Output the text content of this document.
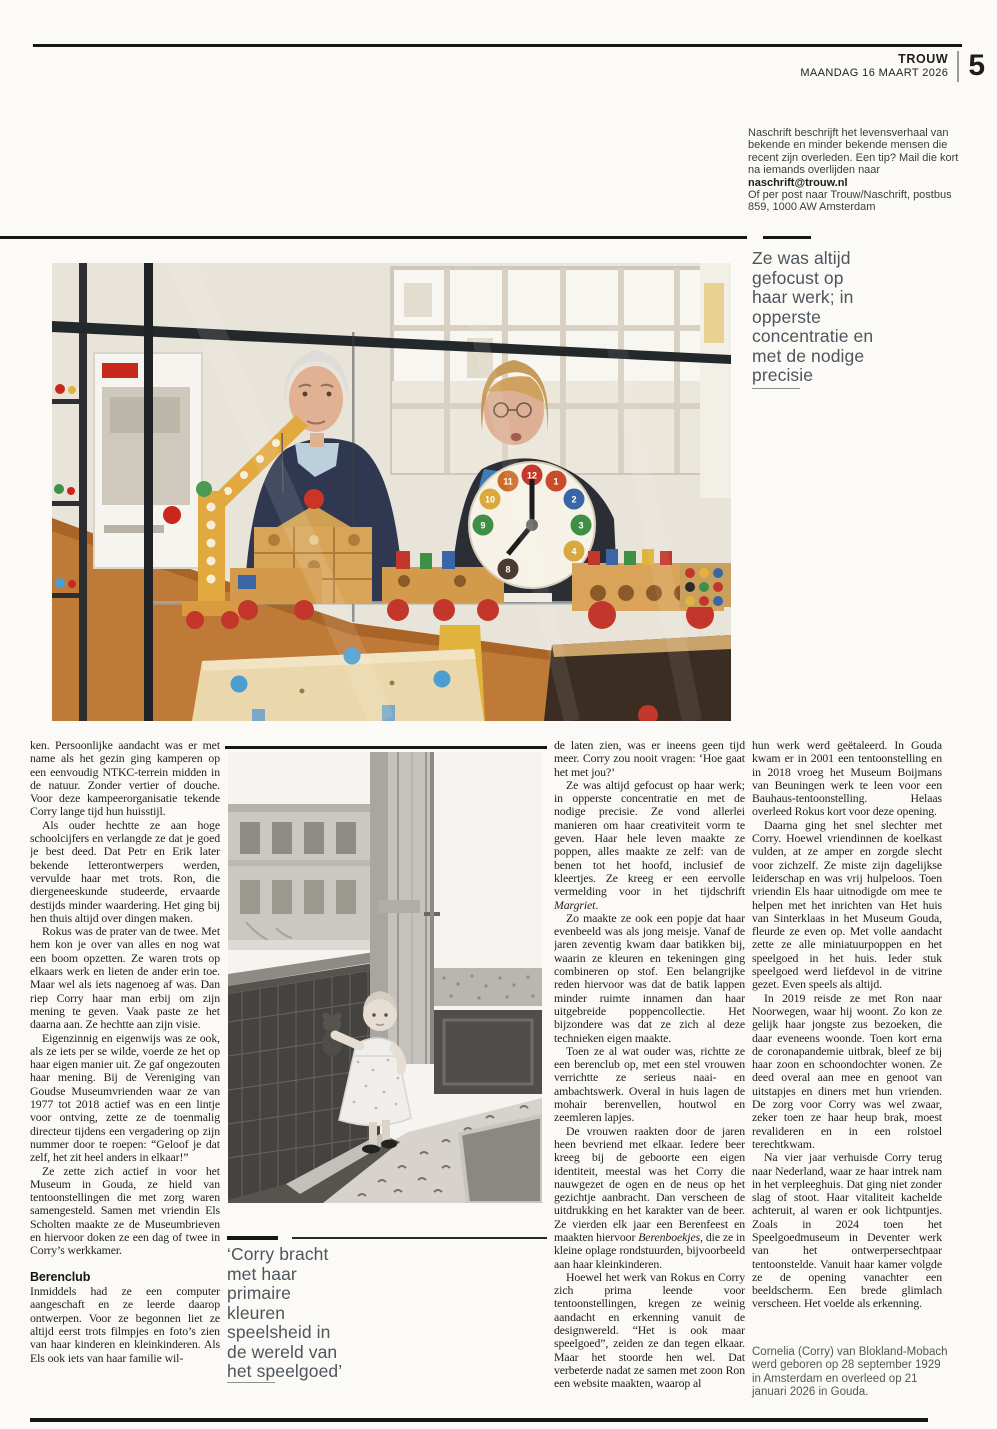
TROUW
MAANDAG 16 MAART 2026 5
Naschrift beschrijft het levensverhaal van bekende en minder bekende mensen die recent zijn overleden. Een tip? Mail die kort na iemands overlijden naar naschrift@trouw.nl
Of per post naar Trouw/Naschrift, postbus 859, 1000 AW Amsterdam
Ze was altijd gefocust op haar werk; in opperste concentratie en met de nodige precisie
12
1
2
3
4
8
9
10
11

ken. Persoonlijke aandacht was er met name als het gezin ging kamperen op een eenvoudig NTKC-terrein midden in de natuur. Zonder vertier of douche. Voor deze kampeerorganisatie tekende Corry lange tijd hun huisstijl.

Als ouder hechtte ze aan hoge schoolcijfers en verlangde ze dat je goed je best deed. Dat Petr en Erik later bekende letterontwerpers werden, vervulde haar met trots. Ron, die diergeneeskunde studeerde, ervaarde destijds minder waardering. Het ging bij hen thuis altijd over dingen maken.

Rokus was de prater van de twee. Met hem kon je over van alles en nog wat een boom opzetten. Ze waren trots op elkaars werk en lieten de ander erin toe. Maar wel als iets nagenoeg af was. Dan riep Corry haar man erbij om zijn mening te geven. Vaak paste ze het daarna aan. Ze hechtte aan zijn visie.

Eigenzinnig en eigenwijs was ze ook, als ze iets per se wilde, voerde ze het op haar eigen manier uit. Ze gaf ongezouten haar mening. Bij de Vereniging van Goudse Museumvrienden waar ze van 1977 tot 2018 actief was en een lintje voor ontving, zette ze de toenmalig directeur tijdens een vergadering op zijn nummer door te roepen: “Geloof je dat zelf, het zit heel anders in elkaar!”

Ze zette zich actief in voor het Museum in Gouda, ze hield van tentoonstellingen die met zorg waren samengesteld. Samen met vriendin Els Scholten maakte ze de Museumbrieven en hiervoor doken ze een dag of twee in Corry’s werkkamer.

Berenclub

Inmiddels had ze een computer aangeschaft en ze leerde daarop ontwerpen. Voor ze begonnen liet ze altijd eerst trots filmpjes en foto’s zien van haar kinderen en kleinkinderen. Als Els ook iets van haar familie wil-

de laten zien, was er ineens geen tijd meer. Corry zou nooit vragen: ‘Hoe gaat het met jou?’

Ze was altijd gefocust op haar werk; in opperste concentratie en met de nodige precisie. Ze vond allerlei manieren om haar creativiteit vorm te geven. Haar hele leven maakte ze poppen, alles maakte ze zelf: van de benen tot het hoofd, inclusief de kleertjes. Ze kreeg er een eervolle vermelding voor in het tijdschrift Margriet.

Zo maakte ze ook een popje dat haar evenbeeld was als jong meisje. Vanaf de jaren zeventig kwam daar batikken bij, waarin ze kleuren en tekeningen ging combineren op stof. Een belangrijke reden hiervoor was dat de batik lappen minder ruimte innamen dan haar uitgebreide poppencollectie. Het bijzondere was dat ze zich al deze technieken eigen maakte.

Toen ze al wat ouder was, richtte ze een berenclub op, met een stel vrouwen verrichtte ze serieus naai- en ambachtswerk. Overal in huis lagen de mohair berenvellen, houtwol en zeemleren lapjes.

De vrouwen raakten door de jaren heen bevriend met elkaar. Iedere beer kreeg bij de geboorte een eigen identiteit, meestal was het Corry die nauwgezet de ogen en de neus op het gezichtje aanbracht. Dan verscheen de uitdrukking en het karakter van de beer. Ze vierden elk jaar een Berenfeest en maakten hiervoor Berenboekjes, die ze in kleine oplage rondstuurden, bijvoorbeeld aan haar kleinkinderen.

Hoewel het werk van Rokus en Corry zich prima leende voor tentoonstellingen, kregen ze weinig aandacht en erkenning vanuit de designwereld. “Het is ook maar speelgoed”, zeiden ze dan tegen elkaar. Maar het stoorde hen wel. Dat verbeterde nadat ze samen met zoon Ron een website maakten, waarop al

hun werk werd geëtaleerd. In Gouda kwam er in 2001 een tentoonstelling en in 2018 vroeg het Museum Boijmans van Beuningen werk te leen voor een Bauhaus-tentoonstelling. Helaas overleed Rokus kort voor deze opening.

Daarna ging het snel slechter met Corry. Hoewel vriendinnen de koelkast vulden, at ze amper en zorgde slecht voor zichzelf. Ze miste zijn dagelijkse leiderschap en was vrij hulpeloos. Toen vriendin Els haar uitnodigde om mee te helpen met het inrichten van Het huis van Sinterklaas in het Museum Gouda, fleurde ze even op. Met volle aandacht zette ze alle miniatuurpoppen en het speelgoed in het huis. Ieder stuk speelgoed werd liefdevol in de vitrine gezet. Even speels als altijd.

In 2019 reisde ze met Ron naar Noorwegen, waar hij woont. Zo kon ze gelijk haar jongste zus bezoeken, die daar eveneens woonde. Toen kort erna de coronapandemie uitbrak, bleef ze bij haar zoon en schoondochter wonen. Ze deed overal aan mee en genoot van uitstapjes en diners met hun vrienden. De zorg voor Corry was wel zwaar, zeker toen ze haar heup brak, moest revalideren en in een rolstoel terechtkwam.

Na vier jaar verhuisde Corry terug naar Nederland, waar ze haar intrek nam in het verpleeghuis. Dat ging niet zonder slag of stoot. Haar vitaliteit kachelde achteruit, al waren er ook lichtpuntjes. Zoals in 2024 toen het Speelgoedmuseum in Deventer werk van het ontwerpersechtpaar tentoonstelde. Vanuit haar kamer volgde ze de opening vanachter een beeldscherm. Een brede glimlach verscheen. Het voelde als erkenning.

‘Corry bracht met haar primaire kleuren speelsheid in de wereld van het speelgoed’
Cornelia (Corry) van Blokland-Mobach werd geboren op 28 september 1929 in Amsterdam en overleed op 21 januari 2026 in Gouda.
